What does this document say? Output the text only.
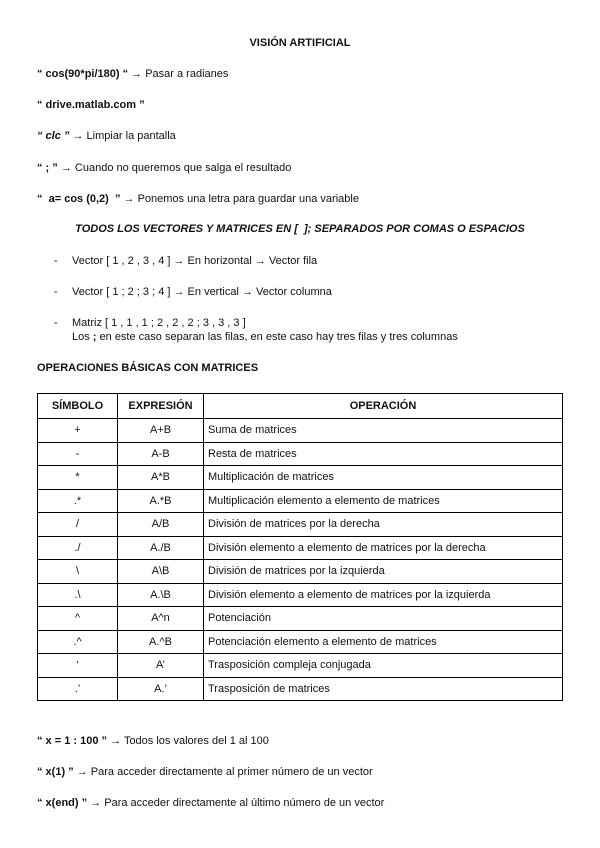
VISIÓN ARTIFICIAL
“ cos(90*pi/180) “ → Pasar a radianes
“ drive.matlab.com ”
“ clc ” → Limpiar la pantalla
“ ; ” → Cuando no queremos que salga el resultado
“  a= cos (0,2)  ” → Ponemos una letra para guardar una variable
TODOS LOS VECTORES Y MATRICES EN [  ]; SEPARADOS POR COMAS O ESPACIOS
- Vector [ 1 , 2 , 3 , 4 ] → En horizontal → Vector fila
- Vector [ 1 ; 2 ; 3 ; 4 ] → En vertical → Vector columna
- Matriz [ 1 , 1 , 1 ; 2 , 2 , 2 ; 3 , 3 , 3 ]
Los ; en este caso separan las filas, en este caso hay tres filas y tres columnas
OPERACIONES BÁSICAS CON MATRICES
SÍMBOLO	EXPRESIÓN	OPERACIÓN
+	A+B	Suma de matrices
-	A-B	Resta de matrices
*	A*B	Multiplicación de matrices
.*	A.*B	Multiplicación elemento a elemento de matrices
/	A/B	División de matrices por la derecha
./	A./B	División elemento a elemento de matrices por la derecha
\	A\B	División de matrices por la izquierda
.\	A.\B	División elemento a elemento de matrices por la izquierda
^	A^n	Potenciación
.^	A.^B	Potenciación elemento a elemento de matrices
‘	A’	Trasposición compleja conjugada
.’	A.’	Trasposición de matrices
“ x = 1 : 100 ” → Todos los valores del 1 al 100
“ x(1) ” → Para acceder directamente al primer número de un vector
“ x(end) ” → Para acceder directamente al último número de un vector
